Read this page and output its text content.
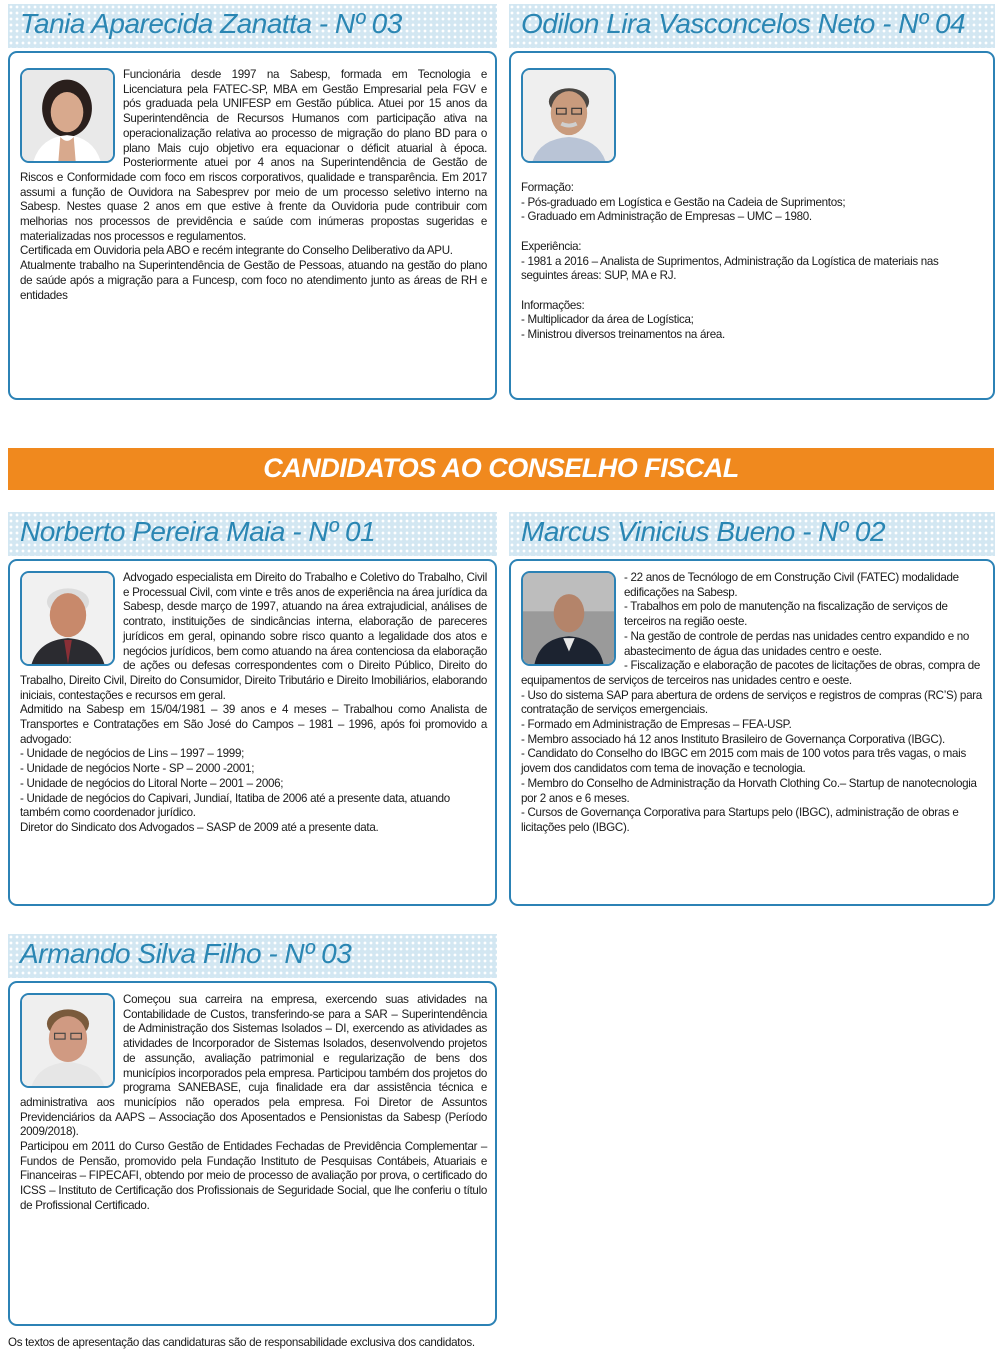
Tania Aparecida Zanatta - Nº 03

Funcionária desde 1997 na Sabesp, formada em Tecnologia e Licenciatura pela FATEC-SP, MBA em Gestão Empresarial pela FGV e pós graduada pela UNIFESP em Gestão pública. Atuei por 15 anos da Superintendência de Recursos Humanos com participação ativa na operacionalização relativa ao processo de migração do plano BD para o plano Mais cujo objetivo era equacionar o déficit atuarial à época. Posteriormente atuei por 4 anos na Superintendência de Gestão de Riscos e Conformidade com foco em riscos corporativos, qualidade e transparência. Em 2017 assumi a função de Ouvidora na Sabesprev por meio de um processo seletivo interno na Sabesp. Nestes quase 2 anos em que estive à frente da Ouvidoria pude contribuir com melhorias nos processos de previdência e saúde com inúmeras propostas sugeridas e materializadas nos processos e regulamentos.

Certificada em Ouvidoria pela ABO e recém integrante do Conselho Deliberativo da APU.

Atualmente trabalho na Superintendência de Gestão de Pessoas, atuando na gestão do plano de saúde após a migração para a Funcesp, com foco no atendimento junto as áreas de RH e entidades

Odilon Lira Vasconcelos Neto - Nº 04
Formação:
- Pós-graduado em Logística e Gestão na Cadeia de Suprimentos;
- Graduado em Administração de Empresas – UMC – 1980.
Experiência:
- 1981 a 2016 – Analista de Suprimentos, Administração da Logística de materiais nas seguintes áreas: SUP, MA e RJ.
Informações:
- Multiplicador da área de Logística;
- Ministrou diversos treinamentos na área.
CANDIDATOS AO CONSELHO FISCAL
Norberto Pereira Maia - Nº 01

Advogado especialista em Direito do Trabalho e Coletivo do Trabalho, Civil e Processual Civil, com vinte e três anos de experiência na área jurídica da Sabesp, desde março de 1997, atuando na área extrajudicial, análises de contrato, instituições de sindicâncias interna, elaboração de pareceres jurídicos em geral, opinando sobre risco quanto a legalidade dos atos e negócios jurídicos, bem como atuando na área contenciosa da elaboração de ações ou defesas correspondentes com o Direito Público, Direito do Trabalho, Direito Civil, Direito do Consumidor, Direito Tributário e Direito Imobiliários, elaborando iniciais, contestações e recursos em geral.

Admitido na Sabesp em 15/04/1981 – 39 anos e 4 meses – Trabalhou como Analista de Transportes e Contratações em São José do Campos – 1981 – 1996, após foi promovido a advogado:

- Unidade de negócios de Lins – 1997 – 1999;
- Unidade de negócios Norte - SP – 2000 -2001;
- Unidade de negócios do Litoral Norte – 2001 – 2006;
- Unidade de negócios do Capivari, Jundiaí, Itatiba de 2006 até a presente data, atuando também como coordenador jurídico.
Diretor do Sindicato dos Advogados – SASP de 2009 até a presente data.
Marcus Vinicius Bueno - Nº 02
- 22 anos de Tecnólogo de em Construção Civil (FATEC) modalidade edificações na Sabesp.
- Trabalhos em polo de manutenção na fiscalização de serviços de terceiros na região oeste.
- Na gestão de controle de perdas nas unidades centro expandido e no abastecimento de água das unidades centro e oeste.
- Fiscalização e elaboração de pacotes de licitações de obras, compra de equipamentos de serviços de terceiros nas unidades centro e oeste.
- Uso do sistema SAP para abertura de ordens de serviços e registros de compras (RC’S) para contratação de serviços emergenciais.
- Formado em Administração de Empresas – FEA-USP.
- Membro associado há 12 anos Instituto Brasileiro de Governança Corporativa (IBGC).
- Candidato do Conselho do IBGC em 2015 com mais de 100 votos para três vagas, o mais jovem dos candidatos com tema de inovação e tecnologia.
- Membro do Conselho de Administração da Horvath Clothing Co.– Startup de nanotecnologia por 2 anos e 6 meses.
- Cursos de Governança Corporativa para Startups pelo (IBGC), administração de obras e licitações pelo (IBGC).
Armando Silva Filho - Nº 03

Começou sua carreira na empresa, exercendo suas atividades na Contabilidade de Custos, transferindo-se para a SAR – Superintendência de Administração dos Sistemas Isolados – DI, exercendo as atividades as atividades de Incorporador de Sistemas Isolados, desenvolvendo projetos de assunção, avaliação patrimonial e regularização de bens dos municípios incorporados pela empresa. Participou também dos projetos do programa SANEBASE, cuja finalidade era dar assistência técnica e administrativa aos municípios não operados pela empresa. Foi Diretor de Assuntos Previdenciários da AAPS – Associação dos Aposentados e Pensionistas da Sabesp (Período 2009/2018).

Participou em 2011 do Curso Gestão de Entidades Fechadas de Previdência Complementar – Fundos de Pensão, promovido pela Fundação Instituto de Pesquisas Contábeis, Atuariais e Financeiras – FIPECAFI, obtendo por meio de processo de avaliação por prova, o certificado do ICSS – Instituto de Certificação dos Profissionais de Seguridade Social, que lhe conferiu o título de Profissional Certificado.

Os textos de apresentação das candidaturas são de responsabilidade exclusiva dos candidatos.
